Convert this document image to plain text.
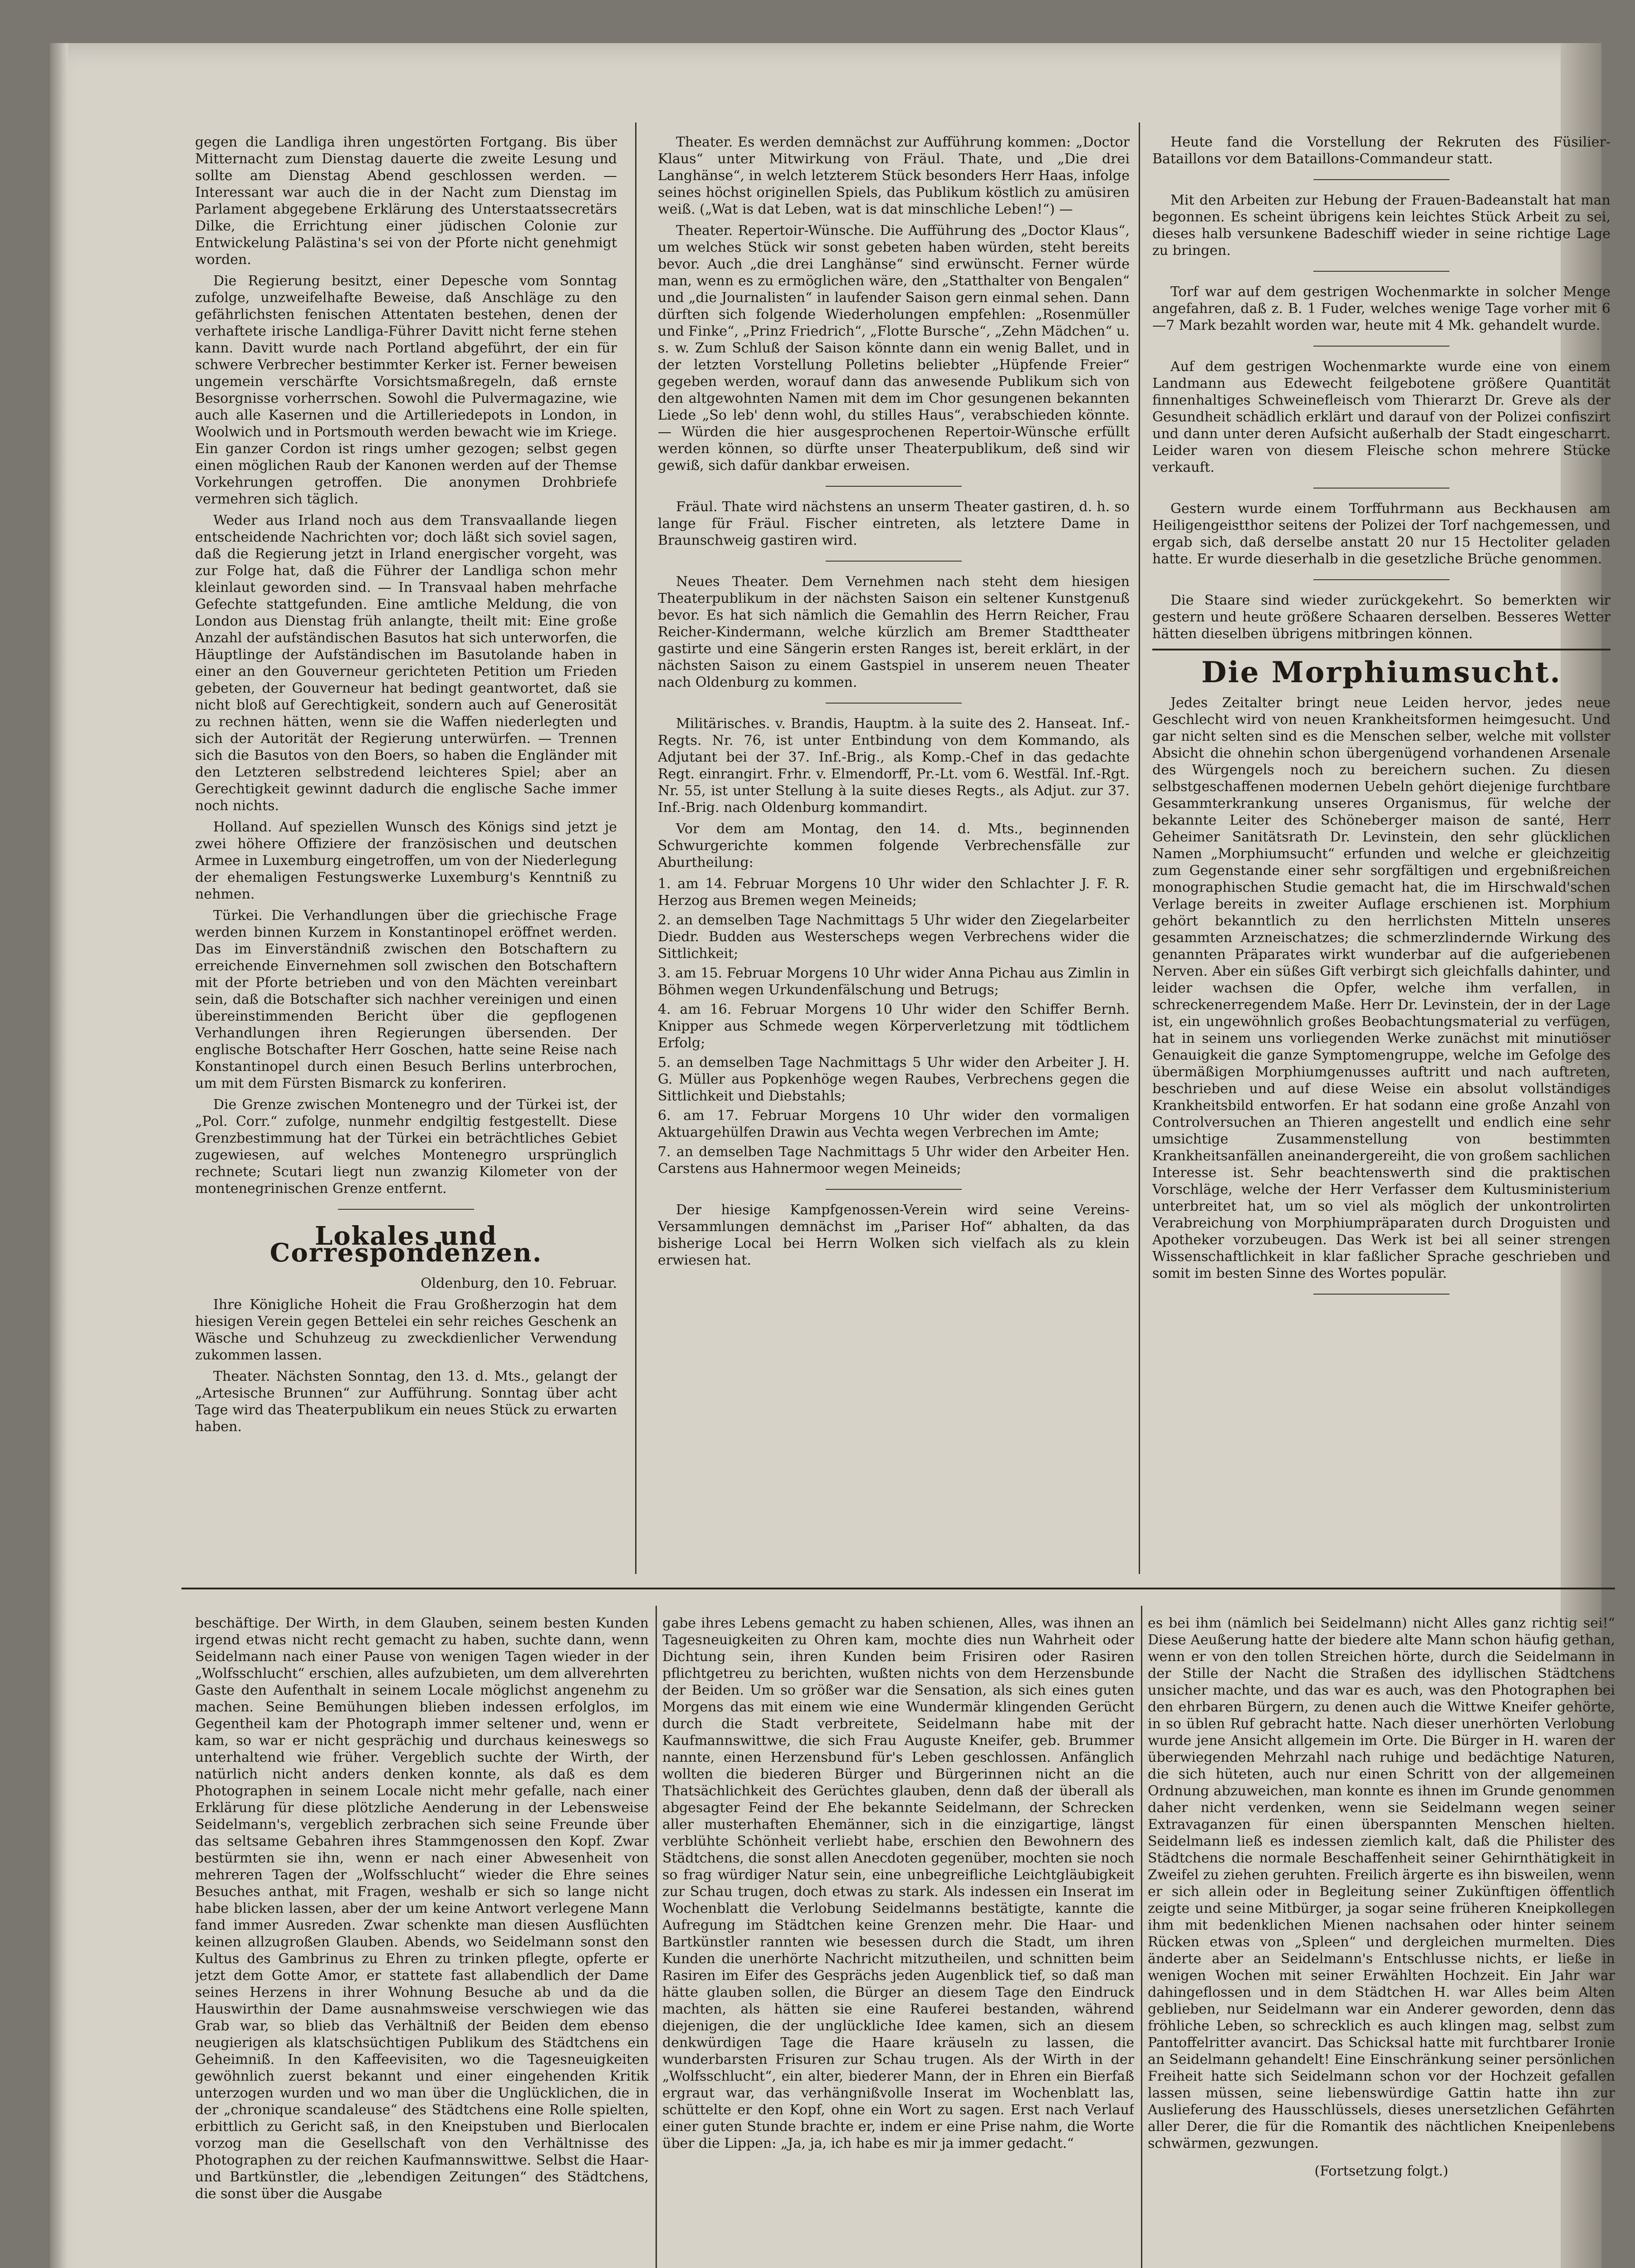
gegen die Landliga ihren ungestörten Fortgang. Bis über Mitternacht zum Dienstag dauerte die zweite Lesung und sollte am Dienstag Abend geschlossen werden. — Interessant war auch die in der Nacht zum Dienstag im Parlament abgegebene Erklärung des Unterstaatssecretärs Dilke, die Errichtung einer jüdischen Colonie zur Entwickelung Palästina's sei von der Pforte nicht genehmigt worden.

Die Regierung besitzt, einer Depesche vom Sonntag zufolge, unzweifelhafte Beweise, daß Anschläge zu den gefährlichsten fenischen Attentaten bestehen, denen der verhaftete irische Landliga-Führer Davitt nicht ferne stehen kann. Davitt wurde nach Portland abgeführt, der ein für schwere Verbrecher bestimmter Kerker ist. Ferner beweisen ungemein verschärfte Vorsichtsmaßregeln, daß ernste Besorgnisse vorherrschen. Sowohl die Pulvermagazine, wie auch alle Kasernen und die Artilleriedepots in London, in Woolwich und in Portsmouth werden bewacht wie im Kriege. Ein ganzer Cordon ist rings umher gezogen; selbst gegen einen möglichen Raub der Kanonen werden auf der Themse Vorkehrungen getroffen. Die anonymen Drohbriefe vermehren sich täglich.

Weder aus Irland noch aus dem Transvaallande liegen entscheidende Nachrichten vor; doch läßt sich soviel sagen, daß die Regierung jetzt in Irland energischer vorgeht, was zur Folge hat, daß die Führer der Landliga schon mehr kleinlaut geworden sind. — In Transvaal haben mehrfache Gefechte stattgefunden. Eine amtliche Meldung, die von London aus Dienstag früh anlangte, theilt mit: Eine große Anzahl der aufständischen Basutos hat sich unterworfen, die Häuptlinge der Aufständischen im Basutolande haben in einer an den Gouverneur gerichteten Petition um Frieden gebeten, der Gouverneur hat bedingt geantwortet, daß sie nicht bloß auf Gerechtigkeit, sondern auch auf Generosität zu rechnen hätten, wenn sie die Waffen niederlegten und sich der Autorität der Regierung unterwürfen. — Trennen sich die Basutos von den Boers, so haben die Engländer mit den Letzteren selbstredend leichteres Spiel; aber an Gerechtigkeit gewinnt dadurch die englische Sache immer noch nichts.

Holland. Auf speziellen Wunsch des Königs sind jetzt je zwei höhere Offiziere der französischen und deutschen Armee in Luxemburg eingetroffen, um von der Niederlegung der ehemaligen Festungswerke Luxemburg's Kenntniß zu nehmen.

Türkei. Die Verhandlungen über die griechische Frage werden binnen Kurzem in Konstantinopel eröffnet werden. Das im Einverständniß zwischen den Botschaftern zu erreichende Einvernehmen soll zwischen den Botschaftern mit der Pforte betrieben und von den Mächten vereinbart sein, daß die Botschafter sich nachher vereinigen und einen übereinstimmenden Bericht über die gepflogenen Verhandlungen ihren Regierungen übersenden. Der englische Botschafter Herr Goschen, hatte seine Reise nach Konstantinopel durch einen Besuch Berlins unterbrochen, um mit dem Fürsten Bismarck zu konferiren.

Die Grenze zwischen Montenegro und der Türkei ist, der „Pol. Corr.“ zufolge, nunmehr endgiltig festgestellt. Diese Grenzbestimmung hat der Türkei ein beträchtliches Gebiet zugewiesen, auf welches Montenegro ursprünglich rechnete; Scutari liegt nun zwanzig Kilometer von der montenegrinischen Grenze entfernt.

Lokales und Correspondenzen.
Oldenburg, den 10. Februar.

Ihre Königliche Hoheit die Frau Großherzogin hat dem hiesigen Verein gegen Bettelei ein sehr reiches Geschenk an Wäsche und Schuhzeug zu zweckdienlicher Verwendung zukommen lassen.

Theater. Nächsten Sonntag, den 13. d. Mts., gelangt der „Artesische Brunnen“ zur Aufführung. Sonntag über acht Tage wird das Theaterpublikum ein neues Stück zu erwarten haben.

Theater. Es werden demnächst zur Aufführung kommen: „Doctor Klaus“ unter Mitwirkung von Fräul. Thate, und „Die drei Langhänse“, in welch letzterem Stück besonders Herr Haas, infolge seines höchst originellen Spiels, das Publikum köstlich zu amüsiren weiß. („Wat is dat Leben, wat is dat minschliche Leben!“) —

Theater. Repertoir-Wünsche. Die Aufführung des „Doctor Klaus“, um welches Stück wir sonst gebeten haben würden, steht bereits bevor. Auch „die drei Langhänse“ sind erwünscht. Ferner würde man, wenn es zu ermöglichen wäre, den „Statthalter von Bengalen“ und „die Journalisten“ in laufender Saison gern einmal sehen. Dann dürften sich folgende Wiederholungen empfehlen: „Rosenmüller und Finke“, „Prinz Friedrich“, „Flotte Bursche“, „Zehn Mädchen“ u. s. w. Zum Schluß der Saison könnte dann ein wenig Ballet, und in der letzten Vorstellung Polletins beliebter „Hüpfende Freier“ gegeben werden, worauf dann das anwesende Publikum sich von den altgewohnten Namen mit dem im Chor gesungenen bekannten Liede „So leb' denn wohl, du stilles Haus“, verabschieden könnte. — Würden die hier ausgesprochenen Repertoir-Wünsche erfüllt werden können, so dürfte unser Theaterpublikum, deß sind wir gewiß, sich dafür dankbar erweisen.

Fräul. Thate wird nächstens an unserm Theater gastiren, d. h. so lange für Fräul. Fischer eintreten, als letztere Dame in Braunschweig gastiren wird.

Neues Theater. Dem Vernehmen nach steht dem hiesigen Theaterpublikum in der nächsten Saison ein seltener Kunstgenuß bevor. Es hat sich nämlich die Gemahlin des Herrn Reicher, Frau Reicher-Kindermann, welche kürzlich am Bremer Stadttheater gastirte und eine Sängerin ersten Ranges ist, bereit erklärt, in der nächsten Saison zu einem Gastspiel in unserem neuen Theater nach Oldenburg zu kommen.

Militärisches. v. Brandis, Hauptm. à la suite des 2. Hanseat. Inf.-Regts. Nr. 76, ist unter Entbindung von dem Kommando, als Adjutant bei der 37. Inf.-Brig., als Komp.-Chef in das gedachte Regt. einrangirt. Frhr. v. Elmendorff, Pr.-Lt. vom 6. Westfäl. Inf.-Rgt. Nr. 55, ist unter Stellung à la suite dieses Regts., als Adjut. zur 37. Inf.-Brig. nach Oldenburg kommandirt.

Vor dem am Montag, den 14. d. Mts., beginnenden Schwurgerichte kommen folgende Verbrechensfälle zur Aburtheilung:

1. am 14. Februar Morgens 10 Uhr wider den Schlachter J. F. R. Herzog aus Bremen wegen Meineids;

2. an demselben Tage Nachmittags 5 Uhr wider den Ziegelarbeiter Diedr. Budden aus Westerscheps wegen Verbrechens wider die Sittlichkeit;

3. am 15. Februar Morgens 10 Uhr wider Anna Pichau aus Zimlin in Böhmen wegen Urkundenfälschung und Betrugs;

4. am 16. Februar Morgens 10 Uhr wider den Schiffer Bernh. Knipper aus Schmede wegen Körperverletzung mit tödtlichem Erfolg;

5. an demselben Tage Nachmittags 5 Uhr wider den Arbeiter J. H. G. Müller aus Popkenhöge wegen Raubes, Verbrechens gegen die Sittlichkeit und Diebstahls;

6. am 17. Februar Morgens 10 Uhr wider den vormaligen Aktuargehülfen Drawin aus Vechta wegen Verbrechen im Amte;

7. an demselben Tage Nachmittags 5 Uhr wider den Arbeiter Hen. Carstens aus Hahnermoor wegen Meineids;

Der hiesige Kampfgenossen-Verein wird seine Vereins-Versammlungen demnächst im „Pariser Hof“ abhalten, da das bisherige Local bei Herrn Wolken sich vielfach als zu klein erwiesen hat.

Heute fand die Vorstellung der Rekruten des Füsilier-Bataillons vor dem Bataillons-Commandeur statt.

Mit den Arbeiten zur Hebung der Frauen-Badeanstalt hat man begonnen. Es scheint übrigens kein leichtes Stück Arbeit zu sei, dieses halb versunkene Badeschiff wieder in seine richtige Lage zu bringen.

Torf war auf dem gestrigen Wochenmarkte in solcher Menge angefahren, daß z. B. 1 Fuder, welches wenige Tage vorher mit 6—7 Mark bezahlt worden war, heute mit 4 Mk. gehandelt wurde.

Auf dem gestrigen Wochenmarkte wurde eine von einem Landmann aus Edewecht feilgebotene größere Quantität finnenhaltiges Schweinefleisch vom Thierarzt Dr. Greve als der Gesundheit schädlich erklärt und darauf von der Polizei confiszirt und dann unter deren Aufsicht außerhalb der Stadt eingescharrt. Leider waren von diesem Fleische schon mehrere Stücke verkauft.

Gestern wurde einem Torffuhrmann aus Beckhausen am Heiligengeistthor seitens der Polizei der Torf nachgemessen, und ergab sich, daß derselbe anstatt 20 nur 15 Hectoliter geladen hatte. Er wurde dieserhalb in die gesetzliche Brüche genommen.

Die Staare sind wieder zurückgekehrt. So bemerkten wir gestern und heute größere Schaaren derselben. Besseres Wetter hätten dieselben übrigens mitbringen können.

Die Morphiumsucht.

Jedes Zeitalter bringt neue Leiden hervor, jedes neue Geschlecht wird von neuen Krankheitsformen heimgesucht. Und gar nicht selten sind es die Menschen selber, welche mit vollster Absicht die ohnehin schon übergenügend vorhandenen Arsenale des Würgengels noch zu bereichern suchen. Zu diesen selbstgeschaffenen modernen Uebeln gehört diejenige furchtbare Gesammterkrankung unseres Organismus, für welche der bekannte Leiter des Schöneberger maison de santé, Herr Geheimer Sanitätsrath Dr. Levinstein, den sehr glücklichen Namen „Morphiumsucht“ erfunden und welche er gleichzeitig zum Gegenstande einer sehr sorgfältigen und ergebnißreichen monographischen Studie gemacht hat, die im Hirschwald'schen Verlage bereits in zweiter Auflage erschienen ist. Morphium gehört bekanntlich zu den herrlichsten Mitteln unseres gesammten Arzneischatzes; die schmerzlindernde Wirkung des genannten Präparates wirkt wunderbar auf die aufgeriebenen Nerven. Aber ein süßes Gift verbirgt sich gleichfalls dahinter, und leider wachsen die Opfer, welche ihm verfallen, in schreckenerregendem Maße. Herr Dr. Levinstein, der in der Lage ist, ein ungewöhnlich großes Beobachtungsmaterial zu verfügen, hat in seinem uns vorliegenden Werke zunächst mit minutiöser Genauigkeit die ganze Symptomengruppe, welche im Gefolge des übermäßigen Morphiumgenusses auftritt und nach auftreten, beschrieben und auf diese Weise ein absolut vollständiges Krankheitsbild entworfen. Er hat sodann eine große Anzahl von Controlversuchen an Thieren angestellt und endlich eine sehr umsichtige Zusammenstellung von bestimmten Krankheitsanfällen aneinandergereiht, die von großem sachlichen Interesse ist. Sehr beachtenswerth sind die praktischen Vorschläge, welche der Herr Verfasser dem Kultusministerium unterbreitet hat, um so viel als möglich der unkontrolirten Verabreichung von Morphiumpräparaten durch Droguisten und Apotheker vorzubeugen. Das Werk ist bei all seiner strengen Wissenschaftlichkeit in klar faßlicher Sprache geschrieben und somit im besten Sinne des Wortes populär.

beschäftige. Der Wirth, in dem Glauben, seinem besten Kunden irgend etwas nicht recht gemacht zu haben, suchte dann, wenn Seidelmann nach einer Pause von wenigen Tagen wieder in der „Wolfsschlucht“ erschien, alles aufzubieten, um dem allverehrten Gaste den Aufenthalt in seinem Locale möglichst angenehm zu machen. Seine Bemühungen blieben indessen erfolglos, im Gegentheil kam der Photograph immer seltener und, wenn er kam, so war er nicht gesprächig und durchaus keineswegs so unterhaltend wie früher. Vergeblich suchte der Wirth, der natürlich nicht anders denken konnte, als daß es dem Photographen in seinem Locale nicht mehr gefalle, nach einer Erklärung für diese plötzliche Aenderung in der Lebensweise Seidelmann's, vergeblich zerbrachen sich seine Freunde über das seltsame Gebahren ihres Stammgenossen den Kopf. Zwar bestürmten sie ihn, wenn er nach einer Abwesenheit von mehreren Tagen der „Wolfsschlucht“ wieder die Ehre seines Besuches anthat, mit Fragen, weshalb er sich so lange nicht habe blicken lassen, aber der um keine Antwort verlegene Mann fand immer Ausreden. Zwar schenkte man diesen Ausflüchten keinen allzugroßen Glauben. Abends, wo Seidelmann sonst den Kultus des Gambrinus zu Ehren zu trinken pflegte, opferte er jetzt dem Gotte Amor, er stattete fast allabendlich der Dame seines Herzens in ihrer Wohnung Besuche ab und da die Hauswirthin der Dame ausnahmsweise verschwiegen wie das Grab war, so blieb das Verhältniß der Beiden dem ebenso neugierigen als klatschsüchtigen Publikum des Städtchens ein Geheimniß. In den Kaffeevisiten, wo die Tagesneuigkeiten gewöhnlich zuerst bekannt und einer eingehenden Kritik unterzogen wurden und wo man über die Unglücklichen, die in der „chronique scandaleuse“ des Städtchens eine Rolle spielten, erbittlich zu Gericht saß, in den Kneipstuben und Bierlocalen vorzog man die Gesellschaft von den Verhältnisse des Photographen zu der reichen Kaufmannswittwe. Selbst die Haar- und Bartkünstler, die „lebendigen Zeitungen“ des Städtchens, die sonst über die Ausgabe

gabe ihres Lebens gemacht zu haben schienen, Alles, was ihnen an Tagesneuigkeiten zu Ohren kam, mochte dies nun Wahrheit oder Dichtung sein, ihren Kunden beim Frisiren oder Rasiren pflichtgetreu zu berichten, wußten nichts von dem Herzensbunde der Beiden. Um so größer war die Sensation, als sich eines guten Morgens das mit einem wie eine Wundermär klingenden Gerücht durch die Stadt verbreitete, Seidelmann habe mit der Kaufmannswittwe, die sich Frau Auguste Kneifer, geb. Brummer nannte, einen Herzensbund für's Leben geschlossen. Anfänglich wollten die biederen Bürger und Bürgerinnen nicht an die Thatsächlichkeit des Gerüchtes glauben, denn daß der überall als abgesagter Feind der Ehe bekannte Seidelmann, der Schrecken aller musterhaften Ehemänner, sich in die einzigartige, längst verblühte Schönheit verliebt habe, erschien den Bewohnern des Städtchens, die sonst allen Anecdoten gegenüber, mochten sie noch so frag würdiger Natur sein, eine unbegreifliche Leichtgläubigkeit zur Schau trugen, doch etwas zu stark. Als indessen ein Inserat im Wochenblatt die Verlobung Seidelmanns bestätigte, kannte die Aufregung im Städtchen keine Grenzen mehr. Die Haar- und Bartkünstler rannten wie besessen durch die Stadt, um ihren Kunden die unerhörte Nachricht mitzutheilen, und schnitten beim Rasiren im Eifer des Gesprächs jeden Augenblick tief, so daß man hätte glauben sollen, die Bürger an diesem Tage den Eindruck machten, als hätten sie eine Rauferei bestanden, während diejenigen, die der unglückliche Idee kamen, sich an diesem denkwürdigen Tage die Haare kräuseln zu lassen, die wunderbarsten Frisuren zur Schau trugen. Als der Wirth in der „Wolfsschlucht“, ein alter, biederer Mann, der in Ehren ein Bierfaß ergraut war, das verhängnißvolle Inserat im Wochenblatt las, schüttelte er den Kopf, ohne ein Wort zu sagen. Erst nach Verlauf einer guten Stunde brachte er, indem er eine Prise nahm, die Worte über die Lippen: „Ja, ja, ich habe es mir ja immer gedacht.“

es bei ihm (nämlich bei Seidelmann) nicht Alles ganz richtig sei!“ Diese Aeußerung hatte der biedere alte Mann schon häufig gethan, wenn er von den tollen Streichen hörte, durch die Seidelmann in der Stille der Nacht die Straßen des idyllischen Städtchens unsicher machte, und das war es auch, was den Photographen bei den ehrbaren Bürgern, zu denen auch die Wittwe Kneifer gehörte, in so üblen Ruf gebracht hatte. Nach dieser unerhörten Verlobung wurde jene Ansicht allgemein im Orte. Die Bürger in H. waren der überwiegenden Mehrzahl nach ruhige und bedächtige Naturen, die sich hüteten, auch nur einen Schritt von der allgemeinen Ordnung abzuweichen, man konnte es ihnen im Grunde genommen daher nicht verdenken, wenn sie Seidelmann wegen seiner Extravaganzen für einen überspannten Menschen hielten. Seidelmann ließ es indessen ziemlich kalt, daß die Philister des Städtchens die normale Beschaffenheit seiner Gehirnthätigkeit in Zweifel zu ziehen geruhten. Freilich ärgerte es ihn bisweilen, wenn er sich allein oder in Begleitung seiner Zukünftigen öffentlich zeigte und seine Mitbürger, ja sogar seine früheren Kneipkollegen ihm mit bedenklichen Mienen nachsahen oder hinter seinem Rücken etwas von „Spleen“ und dergleichen murmelten. Dies änderte aber an Seidelmann's Entschlusse nichts, er ließe in wenigen Wochen mit seiner Erwählten Hochzeit. Ein Jahr war dahingeflossen und in dem Städtchen H. war Alles beim Alten geblieben, nur Seidelmann war ein Anderer geworden, denn das fröhliche Leben, so schrecklich es auch klingen mag, selbst zum Pantoffelritter avancirt. Das Schicksal hatte mit furchtbarer Ironie an Seidelmann gehandelt! Eine Einschränkung seiner persönlichen Freiheit hatte sich Seidelmann schon vor der Hochzeit gefallen lassen müssen, seine liebenswürdige Gattin hatte ihn zur Auslieferung des Hausschlüssels, dieses unersetzlichen Gefährten aller Derer, die für die Romantik des nächtlichen Kneipenlebens schwärmen, gezwungen.

(Fortsetzung folgt.)
